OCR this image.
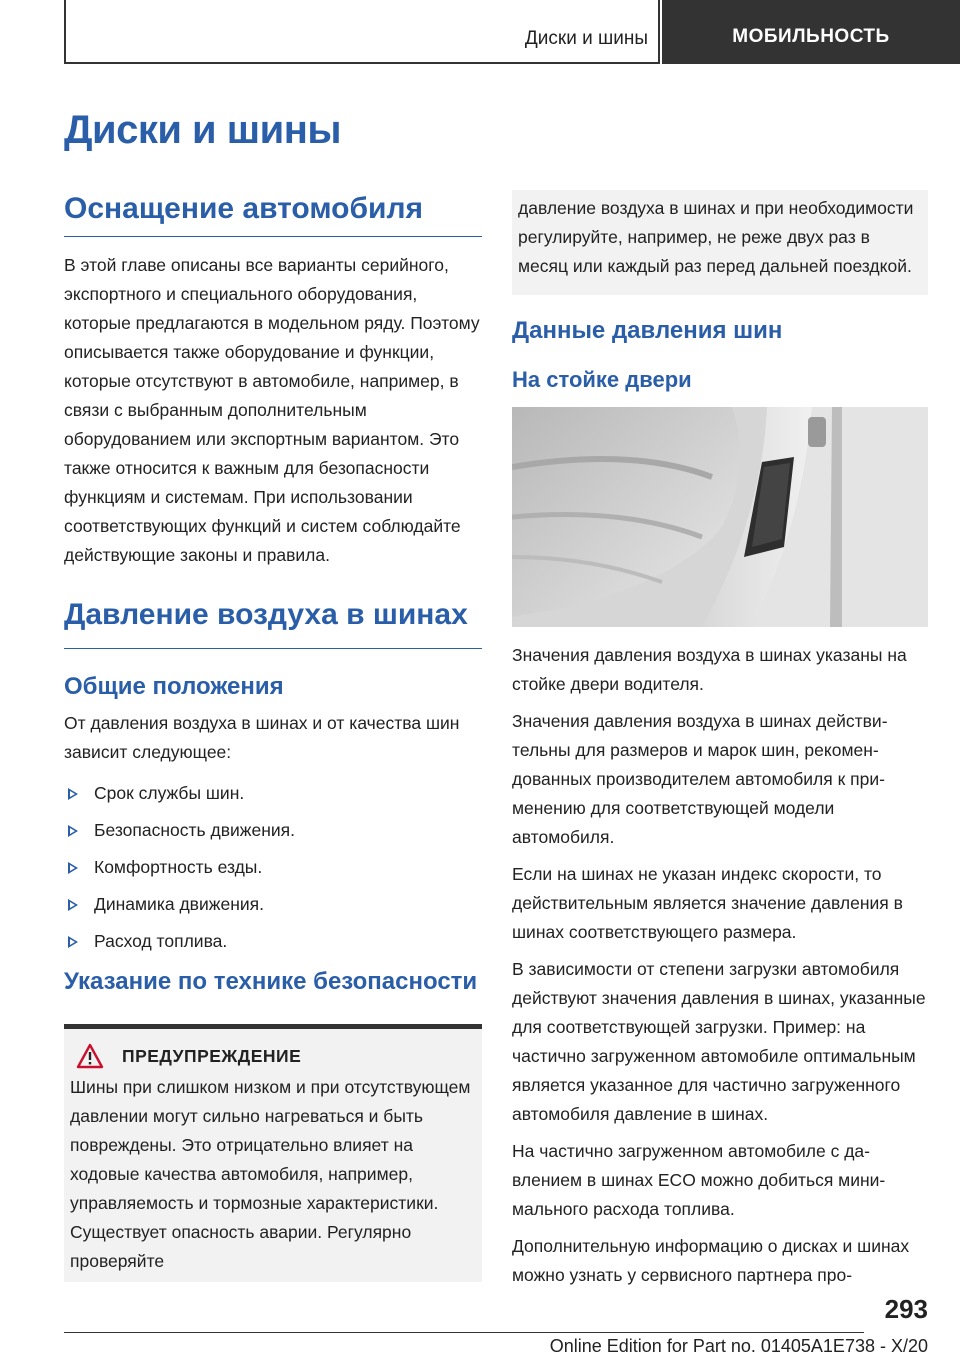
Диски и шины	МОБИЛЬНОСТЬ
Диски и шины
Оснащение автомобиля

В этой главе описаны все варианты серийного, экспортного и специального оборудования, которые предлагаются в модельном ряду. Поэтому описывается также оборудование и функции, которые отсутствуют в автомобиле, например, в связи с выбранным дополнительным оборудованием или экспортным вариантом. Это также относится к важным для безопасности функциям и системам. При использовании соответствующих функций и систем соблюдайте действующие законы и правила.

Давление воздуха в шинах
Общие положения

От давления воздуха в шинах и от качества шин зависит следующее:

Срок службы шин.
Безопасность движения.
Комфортность езды.
Динамика движения.
Расход топлива.
Указание по технике безопасности
ПРЕДУПРЕЖДЕНИЕ

Шины при слишком низком и при отсутствующем давлении могут сильно нагреваться и быть повреждены. Это отрицательно влияет на ходовые качества автомобиля, например, управляемость и тормозные характеристики. Существует опасность аварии. Регулярно проверяйте

давление воздуха в шинах и при необходимости регулируйте, например, не реже двух раз в месяц или каждый раз перед дальней поездкой.

Данные давления шин
На стойке двери

Значения давления воздуха в шинах указаны на стойке двери водителя.

Значения давления воздуха в шинах действительны для размеров и марок шин, рекомендованных производителем автомобиля к применению для соответствующей модели автомобиля.

Если на шинах не указан индекс скорости, то действительным является значение давления в шинах соответствующего размера.

В зависимости от степени загрузки автомобиля действуют значения давления в шинах, указанные для соответствующей загрузки. Пример: на частично загруженном автомобиле оптимальным является указанное для частично загруженного автомобиля давление в шинах.

На частично загруженном автомобиле с давлением в шинах ECO можно добиться минимального расхода топлива.

Дополнительную информацию о дисках и шинах можно узнать у сервисного партнера про-

293
Online Edition for Part no. 01405A1E738 - X/20
